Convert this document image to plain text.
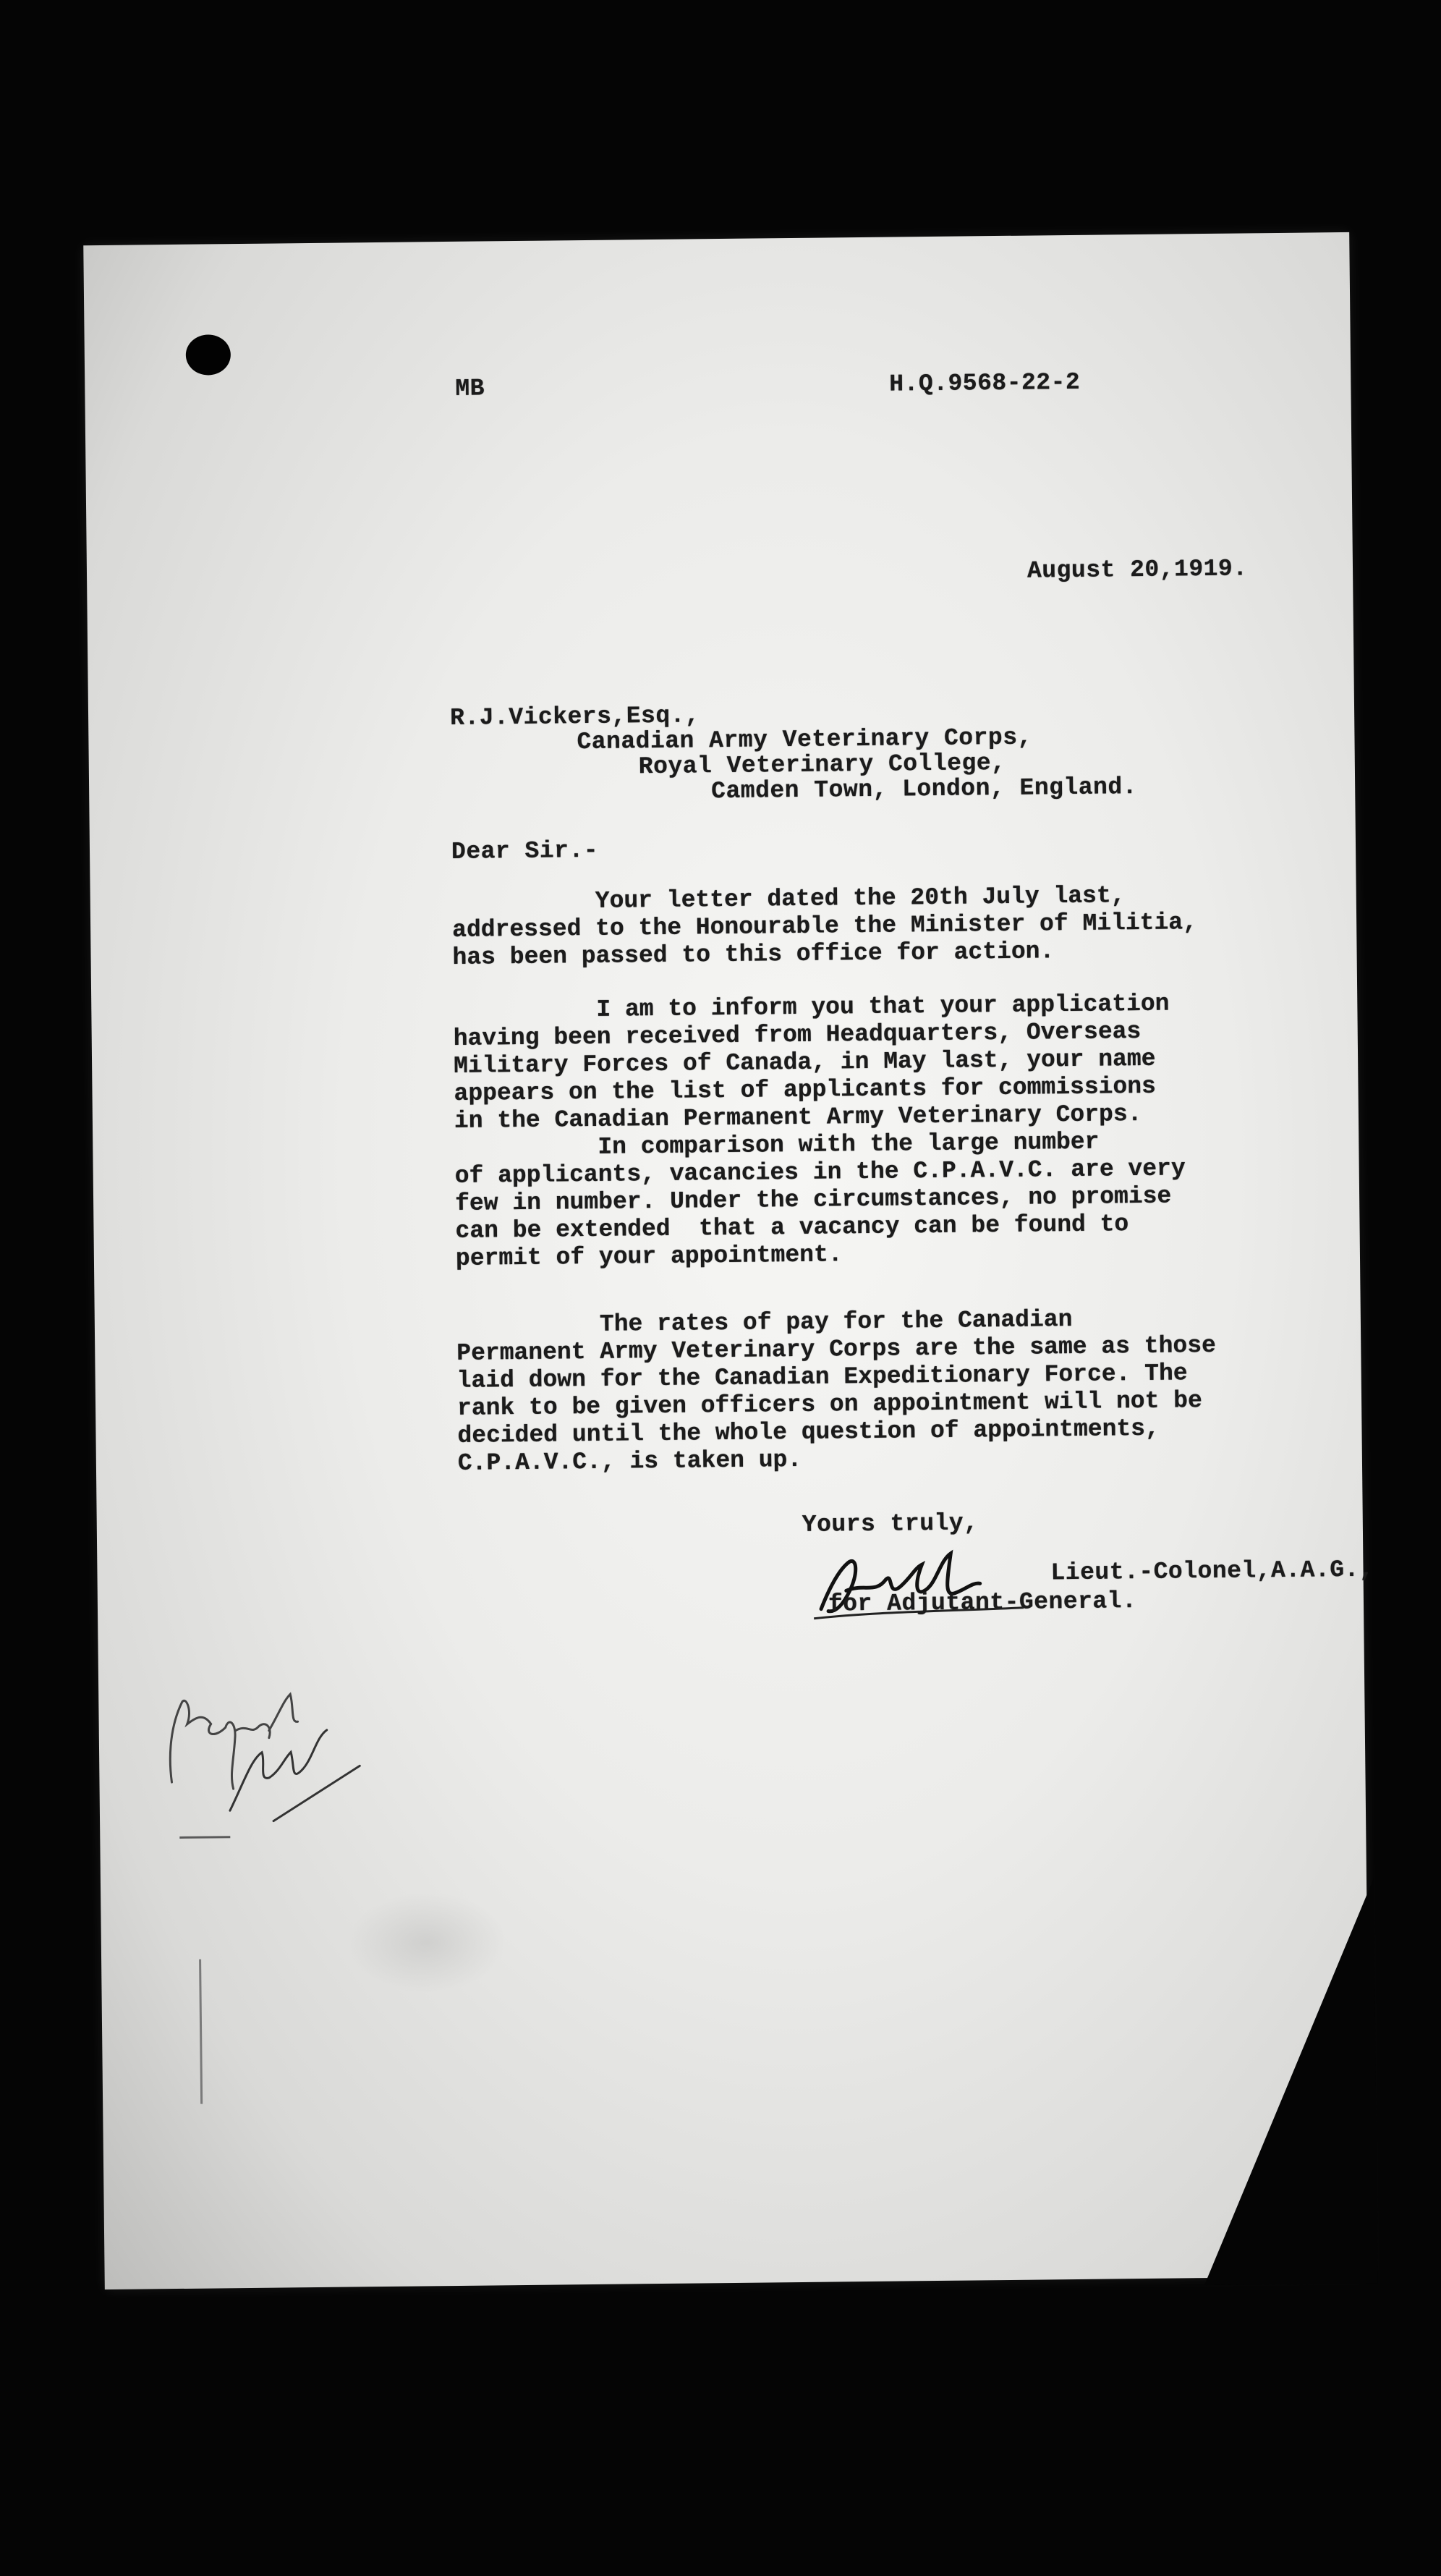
MB	H.Q.9568-22-2
August 20,1919.
R.J.Vickers,Esq.,
Canadian Army Veterinary Corps,
Royal Veterinary College,
Camden Town, London, England.
Dear Sir.-
Your letter dated the 20th July last,
addressed to the Honourable the Minister of Militia,
has been passed to this office for action.
I am to inform you that your application
having been received from Headquarters, Overseas
Military Forces of Canada, in May last, your name
appears on the list of applicants for commissions
in the Canadian Permanent Army Veterinary Corps.
In comparison with the large number
of applicants, vacancies in the C.P.A.V.C. are very
few in number. Under the circumstances, no promise
can be extended  that a vacancy can be found to
permit of your appointment.
The rates of pay for the Canadian
Permanent Army Veterinary Corps are the same as those
laid down for the Canadian Expeditionary Force. The
rank to be given officers on appointment will not be
decided until the whole question of appointments,
C.P.A.V.C., is taken up.
Yours truly,
Lieut.-Colonel,A.A.G.,
for Adjutant-General.
